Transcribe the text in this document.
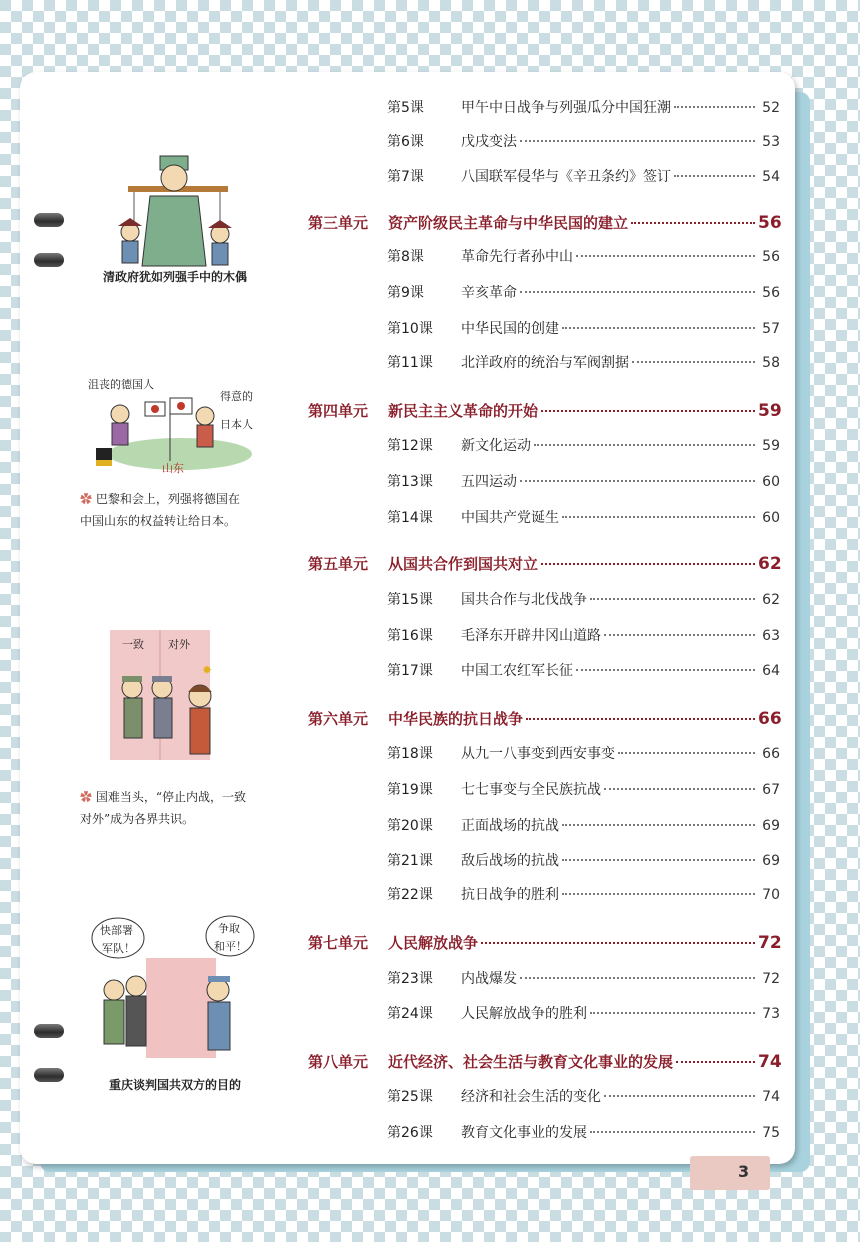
清政府犹如列强手中的木偶
沮丧的德国人
得意的
日本人
山东
✿ 巴黎和会上，列强将德国在
中国山东的权益转让给日本。
✸
一致 对外
✿ 国难当头，“停止内战，一致
对外”成为各界共识。
快部署
军队！
争取
和平！
重庆谈判国共双方的目的
第5课	甲午中日战争与列强瓜分中国狂潮	52
第6课	戊戌变法	53
第7课	八国联军侵华与《辛丑条约》签订	54
第三单元	资产阶级民主革命与中华民国的建立	56
第8课	革命先行者孙中山	56
第9课	辛亥革命	56
第10课	中华民国的创建	57
第11课	北洋政府的统治与军阀割据	58
第四单元	新民主主义革命的开始	59
第12课	新文化运动	59
第13课	五四运动	60
第14课	中国共产党诞生	60
第五单元	从国共合作到国共对立	62
第15课	国共合作与北伐战争	62
第16课	毛泽东开辟井冈山道路	63
第17课	中国工农红军长征	64
第六单元	中华民族的抗日战争	66
第18课	从九一八事变到西安事变	66
第19课	七七事变与全民族抗战	67
第20课	正面战场的抗战	69
第21课	敌后战场的抗战	69
第22课	抗日战争的胜利	70
第七单元	人民解放战争	72
第23课	内战爆发	72
第24课	人民解放战争的胜利	73
第八单元	近代经济、社会生活与教育文化事业的发展	74
第25课	经济和社会生活的变化	74
第26课	教育文化事业的发展	75
3
